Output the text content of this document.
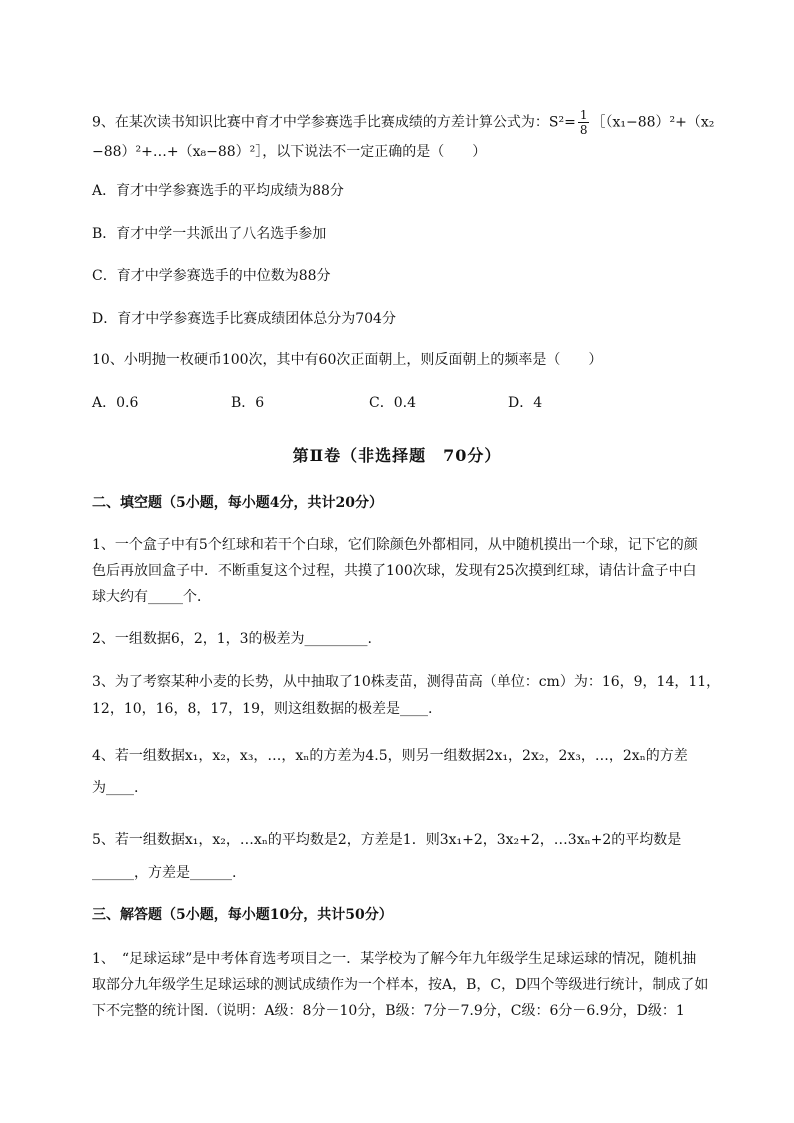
9、在某次读书知识比赛中育才中学参赛选手比赛成绩的方差计算公式为：$S^2= \frac{1}{8}$ ［（x₁−88）²+（x₂
−88）²+…+（x₈−88）²］，以下说法不一定正确的是（　　）
A．育才中学参赛选手的平均成绩为88分
B．育才中学一共派出了八名选手参加
C．育才中学参赛选手的中位数为88分
D．育才中学参赛选手比赛成绩团体总分为704分
10、小明抛一枚硬币100次，其中有60次正面朝上，则反面朝上的频率是（　　）
A．0.6	B．6	C．0.4	D．4
第Ⅱ卷（非选择题　70分）
二、填空题（5小题，每小题4分，共计20分）
1、一个盒子中有5个红球和若干个白球，它们除颜色外都相同，从中随机摸出一个球，记下它的颜
色后再放回盒子中．不断重复这个过程，共摸了100次球，发现有25次摸到红球，请估计盒子中白
球大约有_____个．
2、一组数据6，2，1，3的极差为_________.
3、为了考察某种小麦的长势，从中抽取了10株麦苗，测得苗高（单位：cm）为：16，9，14，11，
12，10，16，8，17，19，则这组数据的极差是____.
4、若一组数据x₁，x₂，x₃，…，xₙ的方差为4.5，则另一组数据2x₁，2x₂，2x₃，…，2xₙ的方差
为____.
5、若一组数据x₁，x₂，…xₙ的平均数是2，方差是1．则3x₁+2，3x₂+2，…3xₙ+2的平均数是
______，方差是______.
三、解答题（5小题，每小题10分，共计50分）
1、　“足球运球”是中考体育选考项目之一．某学校为了解今年九年级学生足球运球的情况，随机抽
取部分九年级学生足球运球的测试成绩作为一个样本，按A，B，C，D四个等级进行统计，制成了如
下不完整的统计图.（说明：A级：8分－10分，B级：7分－7.9分，C级：6分－6.9分，D级：1
